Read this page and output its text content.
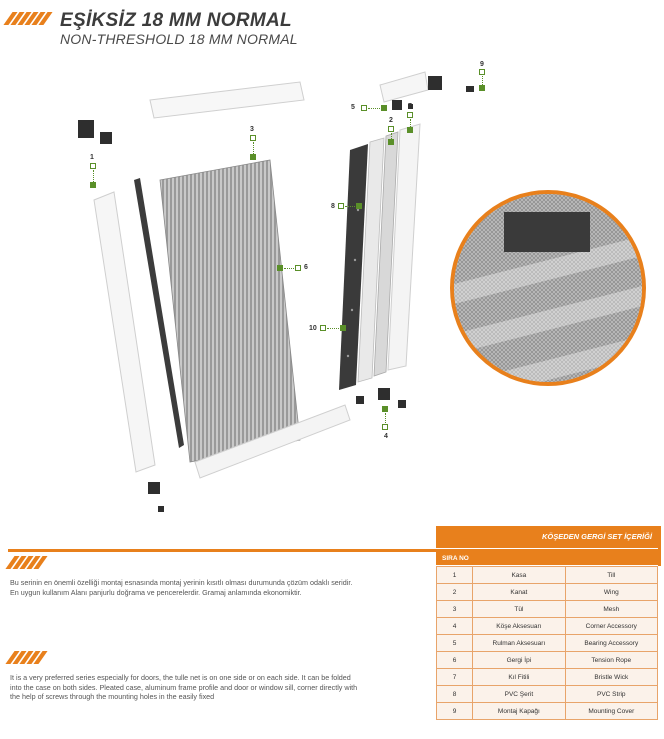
EŞİKSİZ 18 MM NORMAL
NON-THRESHOLD 18 MM NORMAL
1
3
6
5
2
7
9
8
10
4
Bu serinin en önemli özelliği montaj esnasında montaj yerinin kısıtlı olması durumunda çözüm odaklı seridir. En uygun kullanım Alanı panjurlu doğrama ve pencerelerdir. Gramaj anlamında ekonomiktir.
It is a very preferred series especially for doors, the tulle net is on one side or on each side. It can be folded into the case on both sides. Pleated case, aluminum frame profile and door or window sill, corner directly with the help of screws through the mounting holes in the easily fixed
KÖŞEDEN GERGİ SET İÇERİĞİ
SIRA NO
1	Kasa	Till
2	Kanat	Wing
3	Tül	Mesh
4	Köşe Aksesuarı	Corner Accessory
5	Rulman Aksesuarı	Bearing Accessory
6	Gergi İpi	Tension Rope
7	Kıl Fitili	Bristle Wick
8	PVC Şerit	PVC Strip
9	Montaj Kapağı	Mounting Cover
